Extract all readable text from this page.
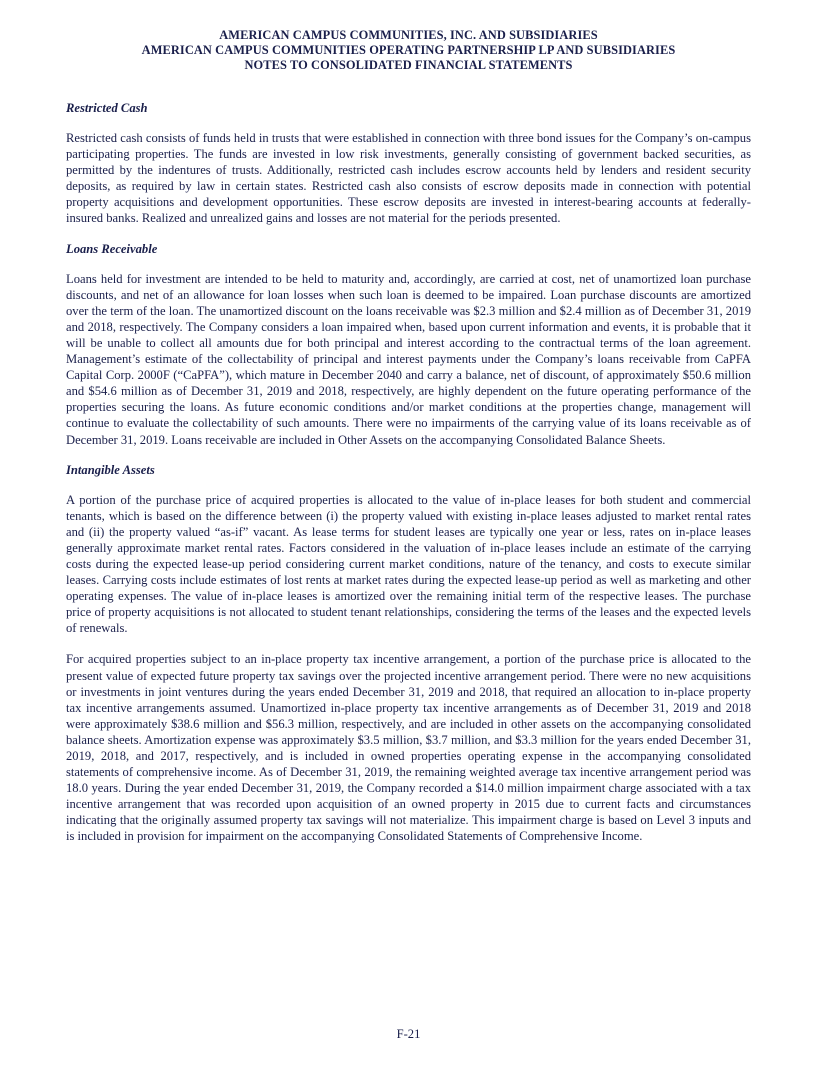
AMERICAN CAMPUS COMMUNITIES, INC. AND SUBSIDIARIES
AMERICAN CAMPUS COMMUNITIES OPERATING PARTNERSHIP LP AND SUBSIDIARIES
NOTES TO CONSOLIDATED FINANCIAL STATEMENTS

Restricted Cash

Restricted cash consists of funds held in trusts that were established in connection with three bond issues for the Company’s on-campus participating properties. The funds are invested in low risk investments, generally consisting of government backed securities, as permitted by the indentures of trusts. Additionally, restricted cash includes escrow accounts held by lenders and resident security deposits, as required by law in certain states. Restricted cash also consists of escrow deposits made in connection with potential property acquisitions and development opportunities. These escrow deposits are invested in interest-bearing accounts at federally-insured banks. Realized and unrealized gains and losses are not material for the periods presented.

Loans Receivable

Loans held for investment are intended to be held to maturity and, accordingly, are carried at cost, net of unamortized loan purchase discounts, and net of an allowance for loan losses when such loan is deemed to be impaired. Loan purchase discounts are amortized over the term of the loan. The unamortized discount on the loans receivable was $2.3 million and $2.4 million as of December 31, 2019 and 2018, respectively. The Company considers a loan impaired when, based upon current information and events, it is probable that it will be unable to collect all amounts due for both principal and interest according to the contractual terms of the loan agreement. Management’s estimate of the collectability of principal and interest payments under the Company’s loans receivable from CaPFA Capital Corp. 2000F (“CaPFA”), which mature in December 2040 and carry a balance, net of discount, of approximately $50.6 million and $54.6 million as of December 31, 2019 and 2018, respectively, are highly dependent on the future operating performance of the properties securing the loans. As future economic conditions and/or market conditions at the properties change, management will continue to evaluate the collectability of such amounts. There were no impairments of the carrying value of its loans receivable as of December 31, 2019. Loans receivable are included in Other Assets on the accompanying Consolidated Balance Sheets.

Intangible Assets

A portion of the purchase price of acquired properties is allocated to the value of in-place leases for both student and commercial tenants, which is based on the difference between (i) the property valued with existing in-place leases adjusted to market rental rates and (ii) the property valued “as-if” vacant. As lease terms for student leases are typically one year or less, rates on in-place leases generally approximate market rental rates. Factors considered in the valuation of in-place leases include an estimate of the carrying costs during the expected lease-up period considering current market conditions, nature of the tenancy, and costs to execute similar leases. Carrying costs include estimates of lost rents at market rates during the expected lease-up period as well as marketing and other operating expenses. The value of in-place leases is amortized over the remaining initial term of the respective leases. The purchase price of property acquisitions is not allocated to student tenant relationships, considering the terms of the leases and the expected levels of renewals.

For acquired properties subject to an in-place property tax incentive arrangement, a portion of the purchase price is allocated to the present value of expected future property tax savings over the projected incentive arrangement period. There were no new acquisitions or investments in joint ventures during the years ended December 31, 2019 and 2018, that required an allocation to in-place property tax incentive arrangements assumed. Unamortized in-place property tax incentive arrangements as of December 31, 2019 and 2018 were approximately $38.6 million and $56.3 million, respectively, and are included in other assets on the accompanying consolidated balance sheets. Amortization expense was approximately $3.5 million, $3.7 million, and $3.3 million for the years ended December 31, 2019, 2018, and 2017, respectively, and is included in owned properties operating expense in the accompanying consolidated statements of comprehensive income. As of December 31, 2019, the remaining weighted average tax incentive arrangement period was 18.0 years. During the year ended December 31, 2019, the Company recorded a $14.0 million impairment charge associated with a tax incentive arrangement that was recorded upon acquisition of an owned property in 2015 due to current facts and circumstances indicating that the originally assumed property tax savings will not materialize. This impairment charge is based on Level 3 inputs and is included in provision for impairment on the accompanying Consolidated Statements of Comprehensive Income.

F-21
